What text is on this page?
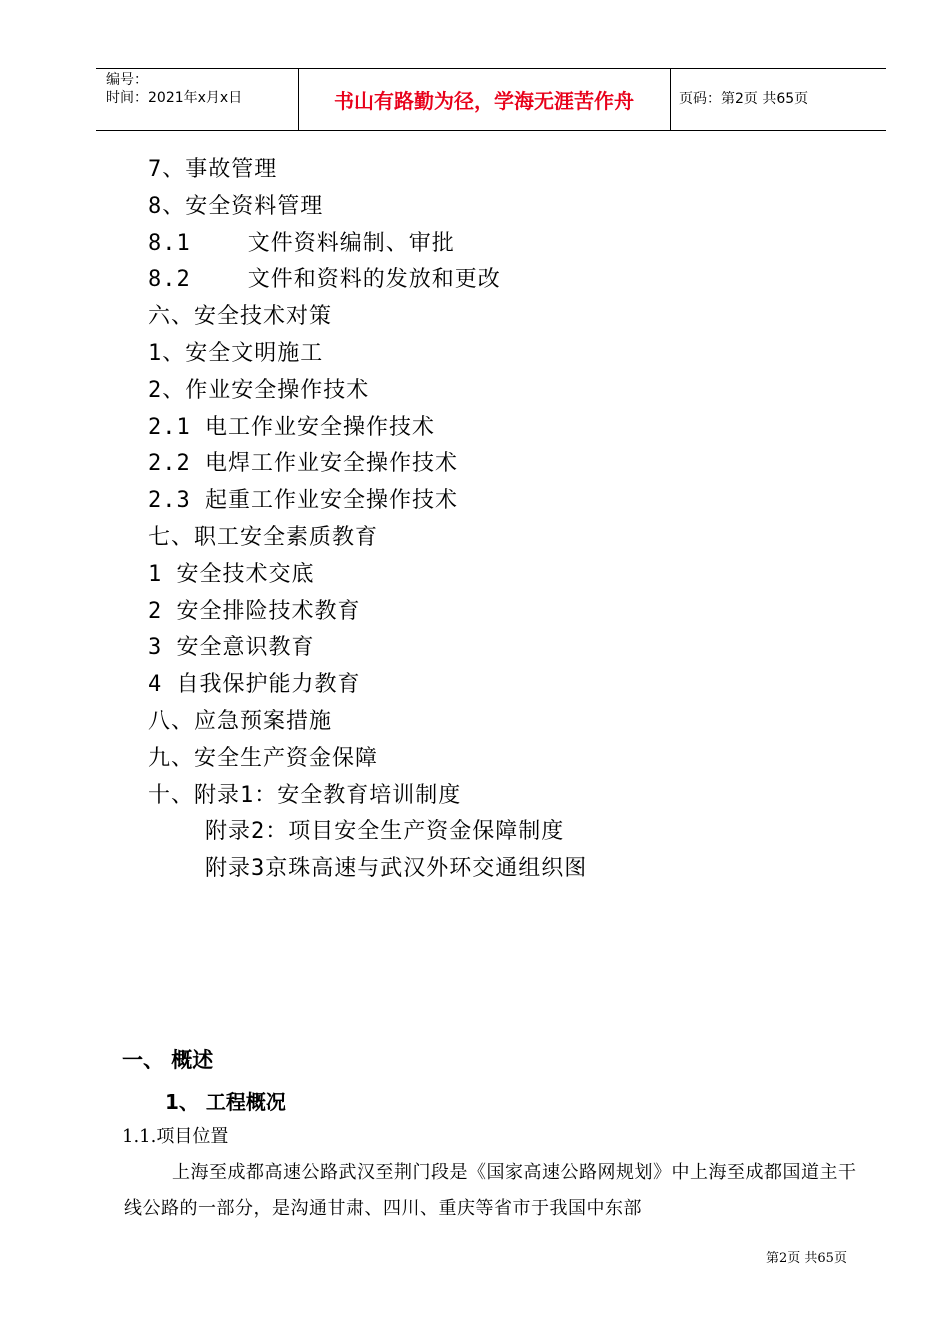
编号：
时间：2021年x月x日	书山有路勤为径，学海无涯苦作舟	页码：第2页 共65页
7、事故管理
8、安全资料管理
8.1    文件资料编制、审批
8.2    文件和资料的发放和更改
六、安全技术对策
1、安全文明施工
2、作业安全操作技术
2.1 电工作业安全操作技术
2.2 电焊工作业安全操作技术
2.3 起重工作业安全操作技术
七、职工安全素质教育
1 安全技术交底
2 安全排险技术教育
3 安全意识教育
4 自我保护能力教育
八、应急预案措施
九、安全生产资金保障
十、附录1：安全教育培训制度
附录2：项目安全生产资金保障制度
附录3京珠高速与武汉外环交通组织图
一、 概述
1、 工程概况
1.1.项目位置
上海至成都高速公路武汉至荆门段是《国家高速公路网规划》中上海至成都国道主干线公路的一部分，是沟通甘肃、四川、重庆等省市于我国中东部
第2页 共65页
